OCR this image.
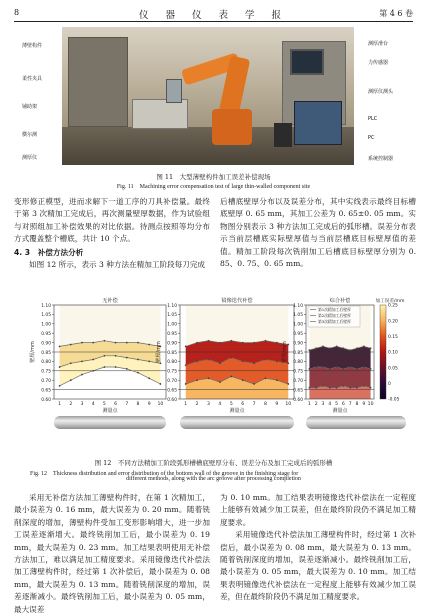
8	仪 器 仪 表 学 报	第 4 6 卷
薄壁构件
柔性夹具
铺助架
横尔测
测厚仪
测厚滑台
力传感器
测厚仪测头
PLC
PC
系统控制器
图 11　大型薄壁构件加工误差补偿现场
Fig. 11　Machining error compensation test of large thin-walled component site

变形修正模型，进而求解下一道工序的刀具补偿量。最终于第 3 次精加工完成后，再次测量壁厚数据，作为试验组与对照组加工补偿效果的对比依据。待测点按照等均分布方式覆盖整个槽底，共计 10 个点。

4. 3　补偿方法分析

如图 12 所示，表示 3 种方法在精加工阶段每刀完成

后槽底壁厚分布以及误差分布，其中实线表示最终目标槽底壁厚 0. 65 mm，其加工公差为 0. 65±0. 05 mm。实物图分别表示 3 种方法加工完成后的弧形槽。误差分布表示当前层槽底实际壁厚值与当前层槽底目标壁厚值的差值。精加工阶段每次铣削加工后槽底目标壁厚分别为 0. 85、0. 75、0. 65 mm。

0.60
0.65
0.70
0.75
0.80
0.85
0.90
0.95
1.00
1.05
1.10
1 2 3 4 5 6 7 8 9 10
测量点
壁厚/mm
无补偿
0.60
0.65
0.70
0.75
0.80
0.85
0.90
0.95
1.00
1.05
1.10
1 2 3 4 5 6 7 8 9 10
测量点
壁厚/mm
镜像迭代补偿
0.60
0.65
0.70
0.75
0.80
0.85
0.90
0.95
1.00
1.05
1.10
1 2 3 4 5 6 7 8 9 10
测量点
壁厚/mm
综合补偿
第1次精加工后壁厚
第2次精加工后壁厚
第3次精加工后壁厚
0.25
0.20
0.15
0.10
0.05
0
-0.05
加工误差/mm
图 12　不同方法精加工阶段弧形槽槽底壁厚分布、误差分布及加工完成后的弧形槽
Fig. 12　Thickness distribution and error distribution of the bottom wall of the groove in the finishing stage for
different methods, along with the arc groove after processing completion

采用无补偿方法加工薄壁构件时，在第 1 次精加工，最小误差为 0. 16 mm，最大误差为 0. 20 mm。随着铣削深度的增加，薄壁构件受加工变形影响增大，进一步加工误差逐渐增大。最终铣削加工后，最小误差为 0. 19 mm，最大误差为 0. 23 mm。加工结果表明使用无补偿方法加工，难以满足加工精度要求。采用镜像迭代补偿法加工薄壁构件时，经过第 1 次补偿后，最小误差为 0. 08 mm，最大误差为 0. 13 mm。随着铣削深度的增加，误差逐渐减小。最终铣削加工后，最小误差为 0. 05 mm，最大误差

为 0. 10 mm。加工结果表明镜像迭代补偿法在一定程度上能够有效减少加工误差，但在最终阶段仍不满足加工精度要求。

采用镜像迭代补偿法加工薄壁构件时，经过第 1 次补偿后，最小误差为 0. 08 mm，最大误差为 0. 13 mm。随着铣削深度的增加，误差逐渐减小。最终铣削加工后，最小误差为 0. 05 mm，最大误差为 0. 10 mm。加工结果表明镜像迭代补偿法在一定程度上能够有效减少加工误差，但在最终阶段仍不满足加工精度要求。
